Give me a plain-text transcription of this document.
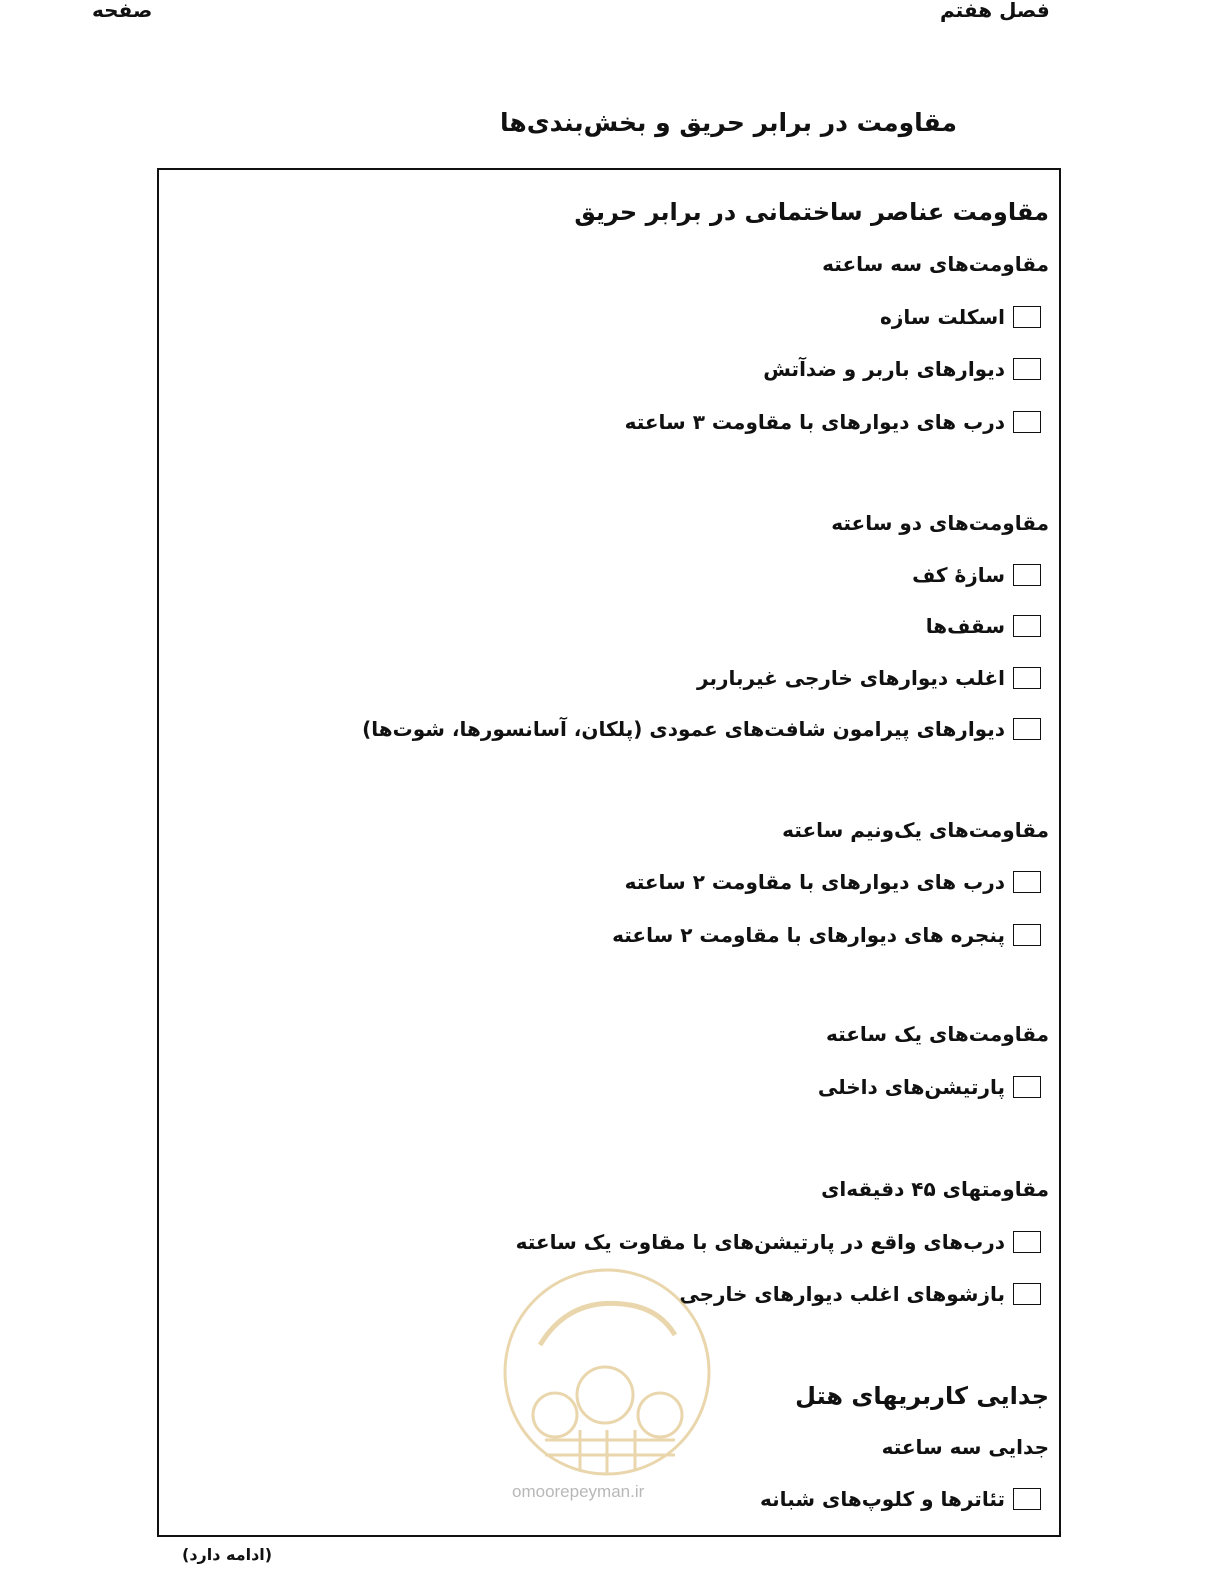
صفحه	فصل هفتم
مقاومت در برابر حریق و بخش‌بندی‌ها
مقاومت عناصر ساختمانی در برابر حریق
مقاومت‌های سه ساعته
اسکلت سازه
دیوارهای باربر و ضدآتش
درب های دیوارهای با مقاومت ۳ ساعته
مقاومت‌های دو ساعته
سازهٔ کف
سقف‌ها
اغلب دیوارهای خارجی غیرباربر
دیوارهای پیرامون شافت‌های عمودی (پلکان، آسانسورها، شوت‌ها)
مقاومت‌های یک‌ونیم ساعته
درب های دیوارهای با مقاومت ۲ ساعته
پنجره های دیوارهای با مقاومت ۲ ساعته
مقاومت‌های یک ساعته
پارتیشن‌های داخلی
مقاومتهای ۴۵ دقیقه‌ای
درب‌های واقع در پارتیشن‌های با مقاوت یک ساعته
بازشوهای اغلب دیوارهای خارجی
جدایی کاربریهای هتل
جدایی سه ساعته
تئاترها و کلوپ‌های شبانه
omoorepeyman.ir
(ادامه دارد)
